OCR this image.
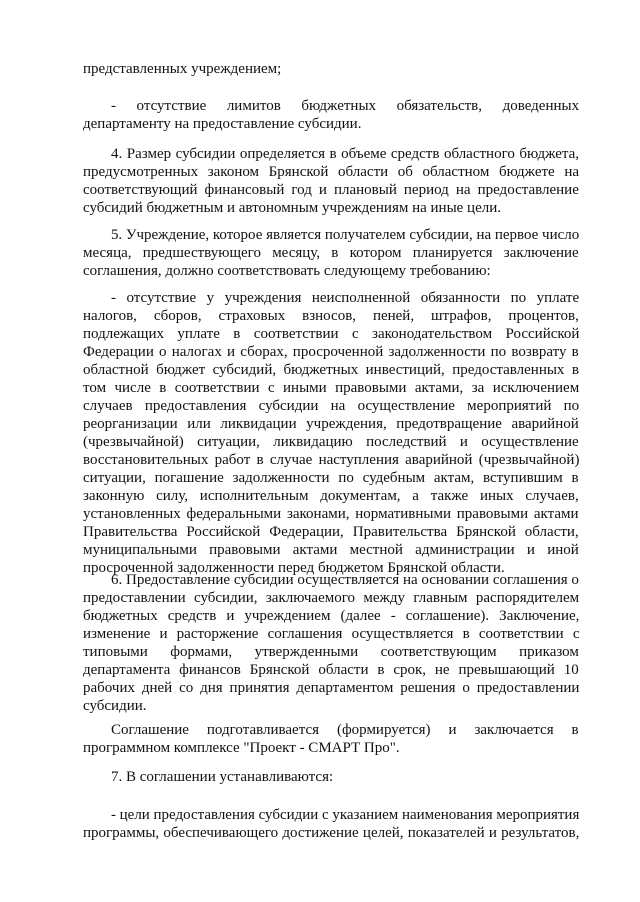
представленных учреждением;
- отсутствие лимитов бюджетных обязательств, доведенных
департаменту на предоставление субсидии.
4. Размер субсидии определяется в объеме средств областного бюджета,
предусмотренных законом Брянской области об областном бюджете на
соответствующий финансовый год и плановый период на предоставление
субсидий бюджетным и автономным учреждениям на иные цели.
5. Учреждение, которое является получателем субсидии, на первое число
месяца, предшествующего месяцу, в котором планируется заключение
соглашения, должно соответствовать следующему требованию:
- отсутствие у учреждения неисполненной обязанности по уплате
налогов, сборов, страховых взносов, пеней, штрафов, процентов,
подлежащих уплате в соответствии с законодательством Российской
Федерации о налогах и сборах, просроченной задолженности по возврату в
областной бюджет субсидий, бюджетных инвестиций, предоставленных в
том числе в соответствии с иными правовыми актами, за исключением
случаев предоставления субсидии на осуществление мероприятий по
реорганизации или ликвидации учреждения, предотвращение аварийной
(чрезвычайной) ситуации, ликвидацию последствий и осуществление
восстановительных работ в случае наступления аварийной (чрезвычайной)
ситуации, погашение задолженности по судебным актам, вступившим в
законную силу, исполнительным документам, а также иных случаев,
установленных федеральными законами, нормативными правовыми актами
Правительства Российской Федерации, Правительства Брянской области,
муниципальными правовыми актами местной администрации и иной
просроченной задолженности перед бюджетом Брянской области.
6. Предоставление субсидии осуществляется на основании соглашения о
предоставлении субсидии, заключаемого между главным распорядителем
бюджетных средств и учреждением (далее - соглашение). Заключение,
изменение и расторжение соглашения осуществляется в соответствии с
типовыми формами, утвержденными соответствующим приказом
департамента финансов Брянской области в срок, не превышающий 10
рабочих дней со дня принятия департаментом решения о предоставлении
субсидии.
Соглашение подготавливается (формируется) и заключается в
программном комплексе "Проект - СМАРТ Про".
7. В соглашении устанавливаются:
- цели предоставления субсидии с указанием наименования мероприятия
программы, обеспечивающего достижение целей, показателей и результатов,
